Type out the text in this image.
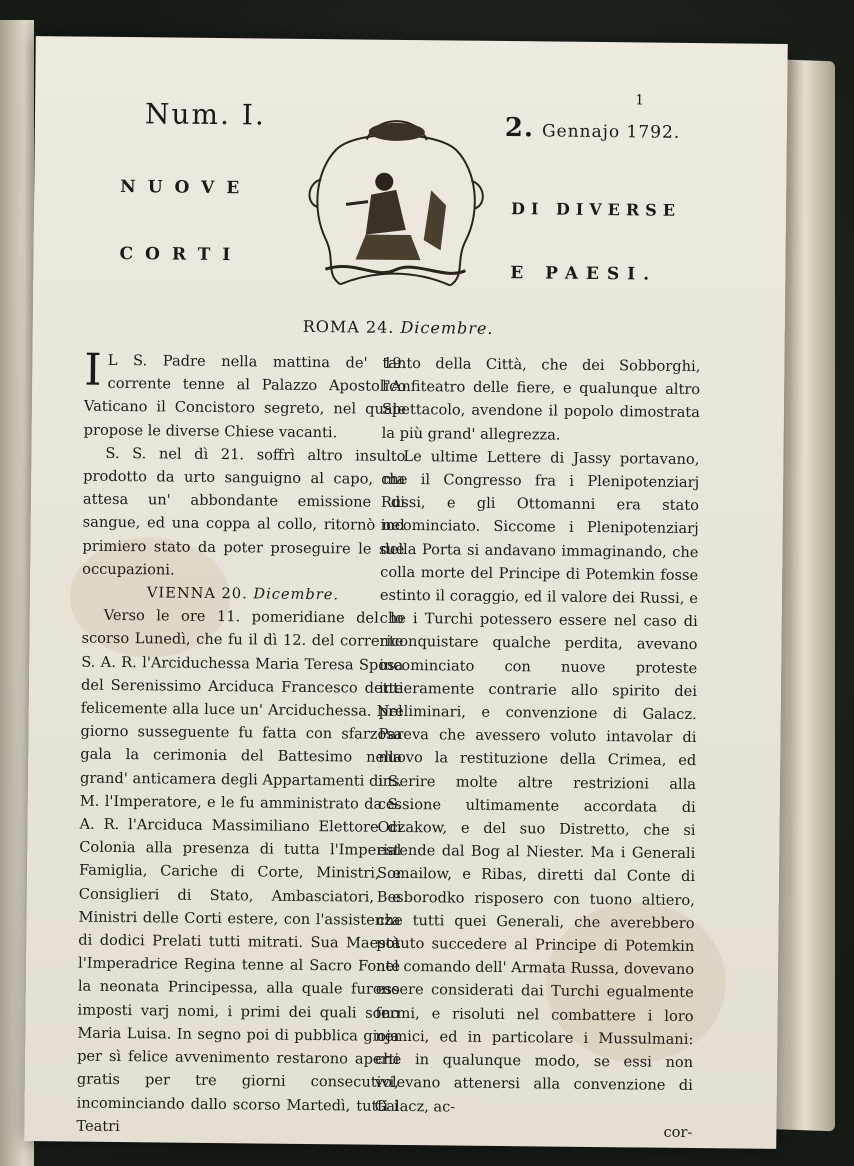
Num. I.	1
2. Gennajo 1792.
NUOVE
CORTI
DI DIVERSE
E PAESI.
ROMA 24. Dicembre.

I L S. Padre nella mattina de' 19. corrente tenne al Palazzo Apostolico Vaticano il Concistoro segreto, nel quale propose le diverse Chiese vacanti.

S. S. nel dì 21. soffrì altro insulto prodotto da urto sanguigno al capo, ma attesa un' abbondante emissione di sangue, ed una coppa al collo, ritornò nel primiero stato da poter proseguire le sue occupazioni.

VIENNA 20. Dicembre.

Verso le ore 11. pomeridiane del lo scorso Lunedì, che fu il dì 12. del corrente S. A. R. l'Arciduchessa Maria Teresa Sposa del Serenissimo Arciduca Francesco dette felicemente alla luce un' Arciduchessa. Nel giorno susseguente fu fatta con sfarzosa gala la cerimonia del Battesimo nella grand' anticamera degli Appartamenti di S. M. l'Imperatore, e le fu amministrato da S. A. R. l'Arciduca Massimiliano Elettore di Colonia alla presenza di tutta l'Imperial Famiglia, Cariche di Corte, Ministri, e Consiglieri di Stato, Ambasciatori, e Ministri delle Corti estere, con l'assistenza di dodici Prelati tutti mitrati. Sua Maestà l'Imperadrice Regina tenne al Sacro Fonte la neonata Principessa, alla quale furono imposti varj nomi, i primi dei quali sono Maria Luisa. In segno poi di pubblica gioja per sì felice avvenimento restarono aperti gratis per tre giorni consecutivi, incominciando dallo scorso Martedì, tutti i Teatri

tanto della Città, che dei Sobborghi, l'Anfiteatro delle fiere, e qualunque altro Spettacolo, avendone il popolo dimostrata la più grand' allegrezza.

Le ultime Lettere di Jassy portavano, che il Congresso fra i Plenipotenziarj Russi, e gli Ottomanni era stato incominciato. Siccome i Plenipotenziarj della Porta si andavano immaginando, che colla morte del Principe di Potemkin fosse estinto il coraggio, ed il valore dei Russi, e che i Turchi potessero essere nel caso di riconquistare qualche perdita, avevano incominciato con nuove proteste intieramente contrarie allo spirito dei preliminari, e convenzione di Galacz. Pareva che avessero voluto intavolar di nuovo la restituzione della Crimea, ed inserire molte altre restrizioni alla cessione ultimamente accordata di Oczakow, e del suo Distretto, che si estende dal Bog al Niester. Ma i Generali Somailow, e Ribas, diretti dal Conte di Besborodko risposero con tuono altiero, che tutti quei Generali, che averebbero potuto succedere al Principe di Potemkin nel comando dell' Armata Russa, dovevano essere considerati dai Turchi egualmente fermi, e risoluti nel combattere i loro nemici, ed in particolare i Mussulmani: che in qualunque modo, se essi non volevano attenersi alla convenzione di Galacz, ac-

cor-
